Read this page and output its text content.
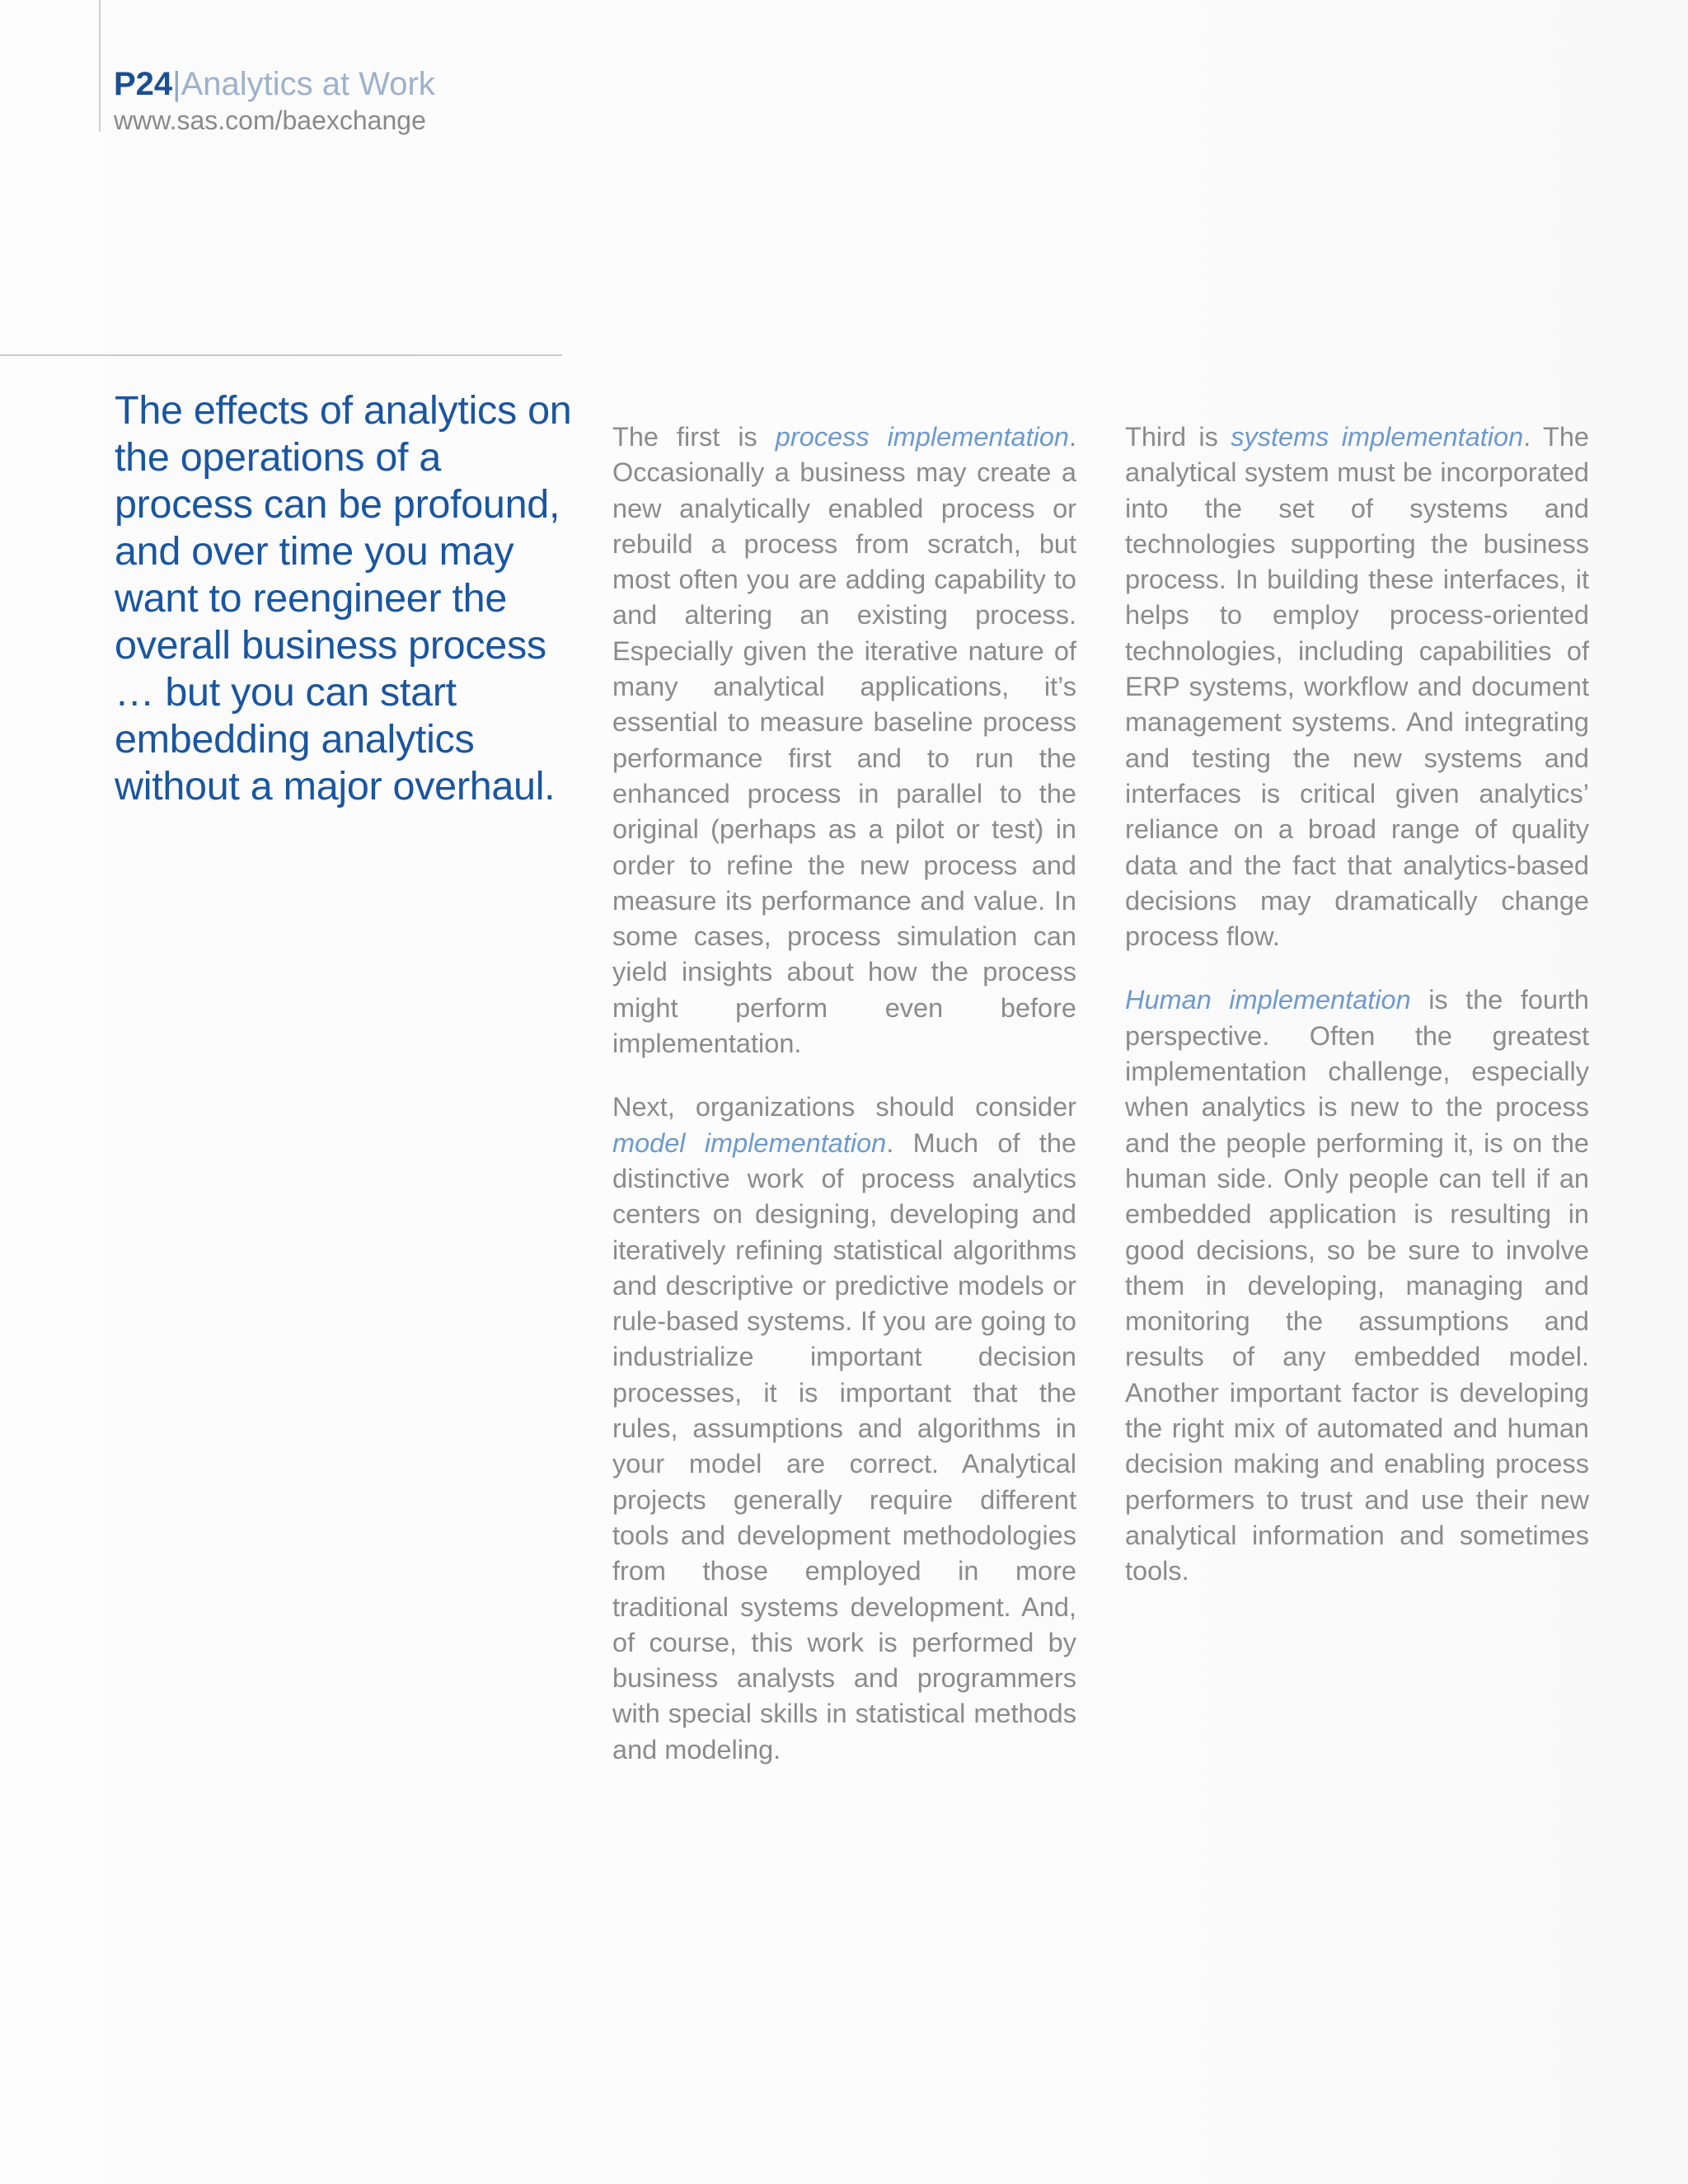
P24|Analytics at Work
www.sas.com/baexchange
The effects of analytics on the operations of a process can be profound, and over time you may want to reengineer the overall business process … but you can start embedding analytics without a major overhaul.

The first is process implementation. Occasionally a business may create a new analytically enabled process or rebuild a process from scratch, but most often you are adding capability to and altering an existing process. Especially given the iterative nature of many analytical applications, it’s essential to measure baseline process performance first and to run the enhanced process in parallel to the original (perhaps as a pilot or test) in order to refine the new process and measure its performance and value. In some cases, process simulation can yield insights about how the process might perform even before implementation.

Next, organizations should consider model implementation. Much of the distinctive work of process analytics centers on designing, developing and iteratively refining statistical algorithms and descriptive or predictive models or rule-based systems. If you are going to industrialize important decision processes, it is important that the rules, assumptions and algorithms in your model are correct. Analytical projects generally require different tools and development methodologies from those employed in more traditional systems development. And, of course, this work is performed by business analysts and programmers with special skills in statistical methods and modeling.

Third is systems implementation. The analytical system must be incorporated into the set of systems and technologies supporting the business process. In building these interfaces, it helps to employ process-oriented technologies, including capabilities of ERP systems, workflow and document management systems. And integrating and testing the new systems and interfaces is critical given analytics’ reliance on a broad range of quality data and the fact that analytics-based decisions may dramatically change process flow.

Human implementation is the fourth perspective. Often the greatest implementation challenge, especially when analytics is new to the process and the people performing it, is on the human side. Only people can tell if an embedded application is resulting in good decisions, so be sure to involve them in developing, managing and monitoring the assumptions and results of any embedded model. Another important factor is developing the right mix of automated and human decision making and enabling process performers to trust and use their new analytical information and sometimes tools.
